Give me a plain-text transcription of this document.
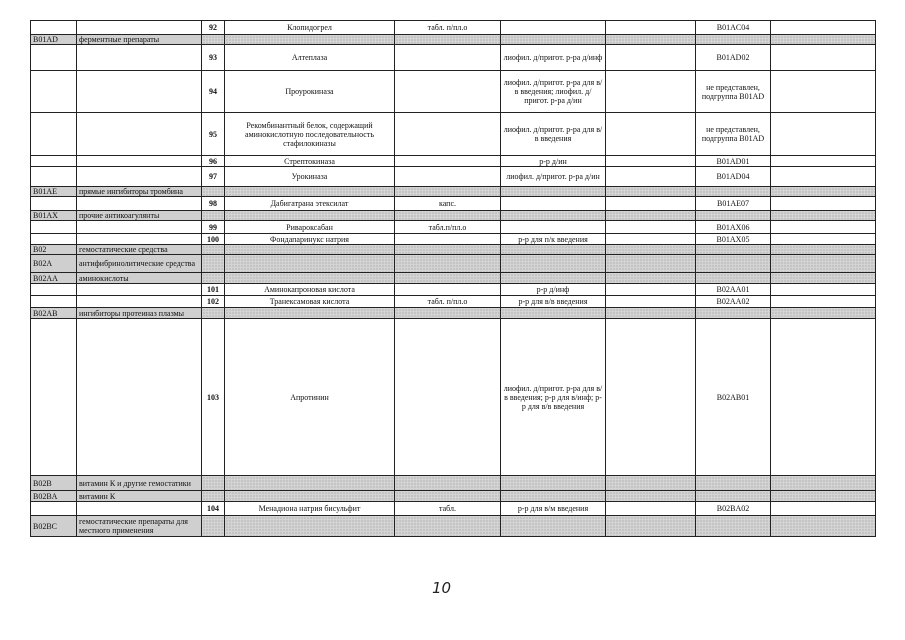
		92	Клопидогрел	табл. п/пл.о			B01AC04	
B01AD	ферментные препараты							
		93	Алтеплаза		лиофил. д/пригот. р-ра д/инф		B01AD02	
		94	Проурокиназа		лиофил. д/пригот. р-ра для в/в введения; лиофил. д/пригот. р-ра д/ин		не представлен, подгруппа B01AD	
		95	Рекомбинантный белок, содержащий аминокислотную последовательность стафилокиназы		лиофил. д/пригот. р-ра для в/в введения		не представлен, подгруппа B01AD	
		96	Стрептокиназа		р-р д/ин		B01AD01	
		97	Урокиназа		лиофил. д/пригот. р-ра д/ин		B01AD04	
B01AE	прямые ингибиторы тромбина							
		98	Дабигатрана этексилат	капс.			B01AE07	
B01AX	прочие антикоагулянты							
		99	Ривароксабан	табл.п/пл.о			B01AX06	
		100	Фондапаринукс натрия		р-р для п/к введения		B01AX05	
B02	гемостатические средства							
B02A	антифибринолитические средства							
B02AA	аминокислоты							
		101	Аминокапроновая кислота		р-р д/инф		B02AA01	
		102	Транексамовая кислота	табл. п/пл.о	р-р для в/в введения		B02AA02	
B02AB	ингибиторы протеиназ плазмы							
		103	Апротинин		лиофил. д/пригот. р-ра для в/в введения; р-р для в/инф; р-р для в/в введения		B02AB01	
B02B	витамин К и другие гемостатики							
B02BA	витамин К							
		104	Менадиона натрия бисульфит	табл.	р-р для в/м введения		B02BA02	
B02BC	гемостатические препараты для местного применения							
10
